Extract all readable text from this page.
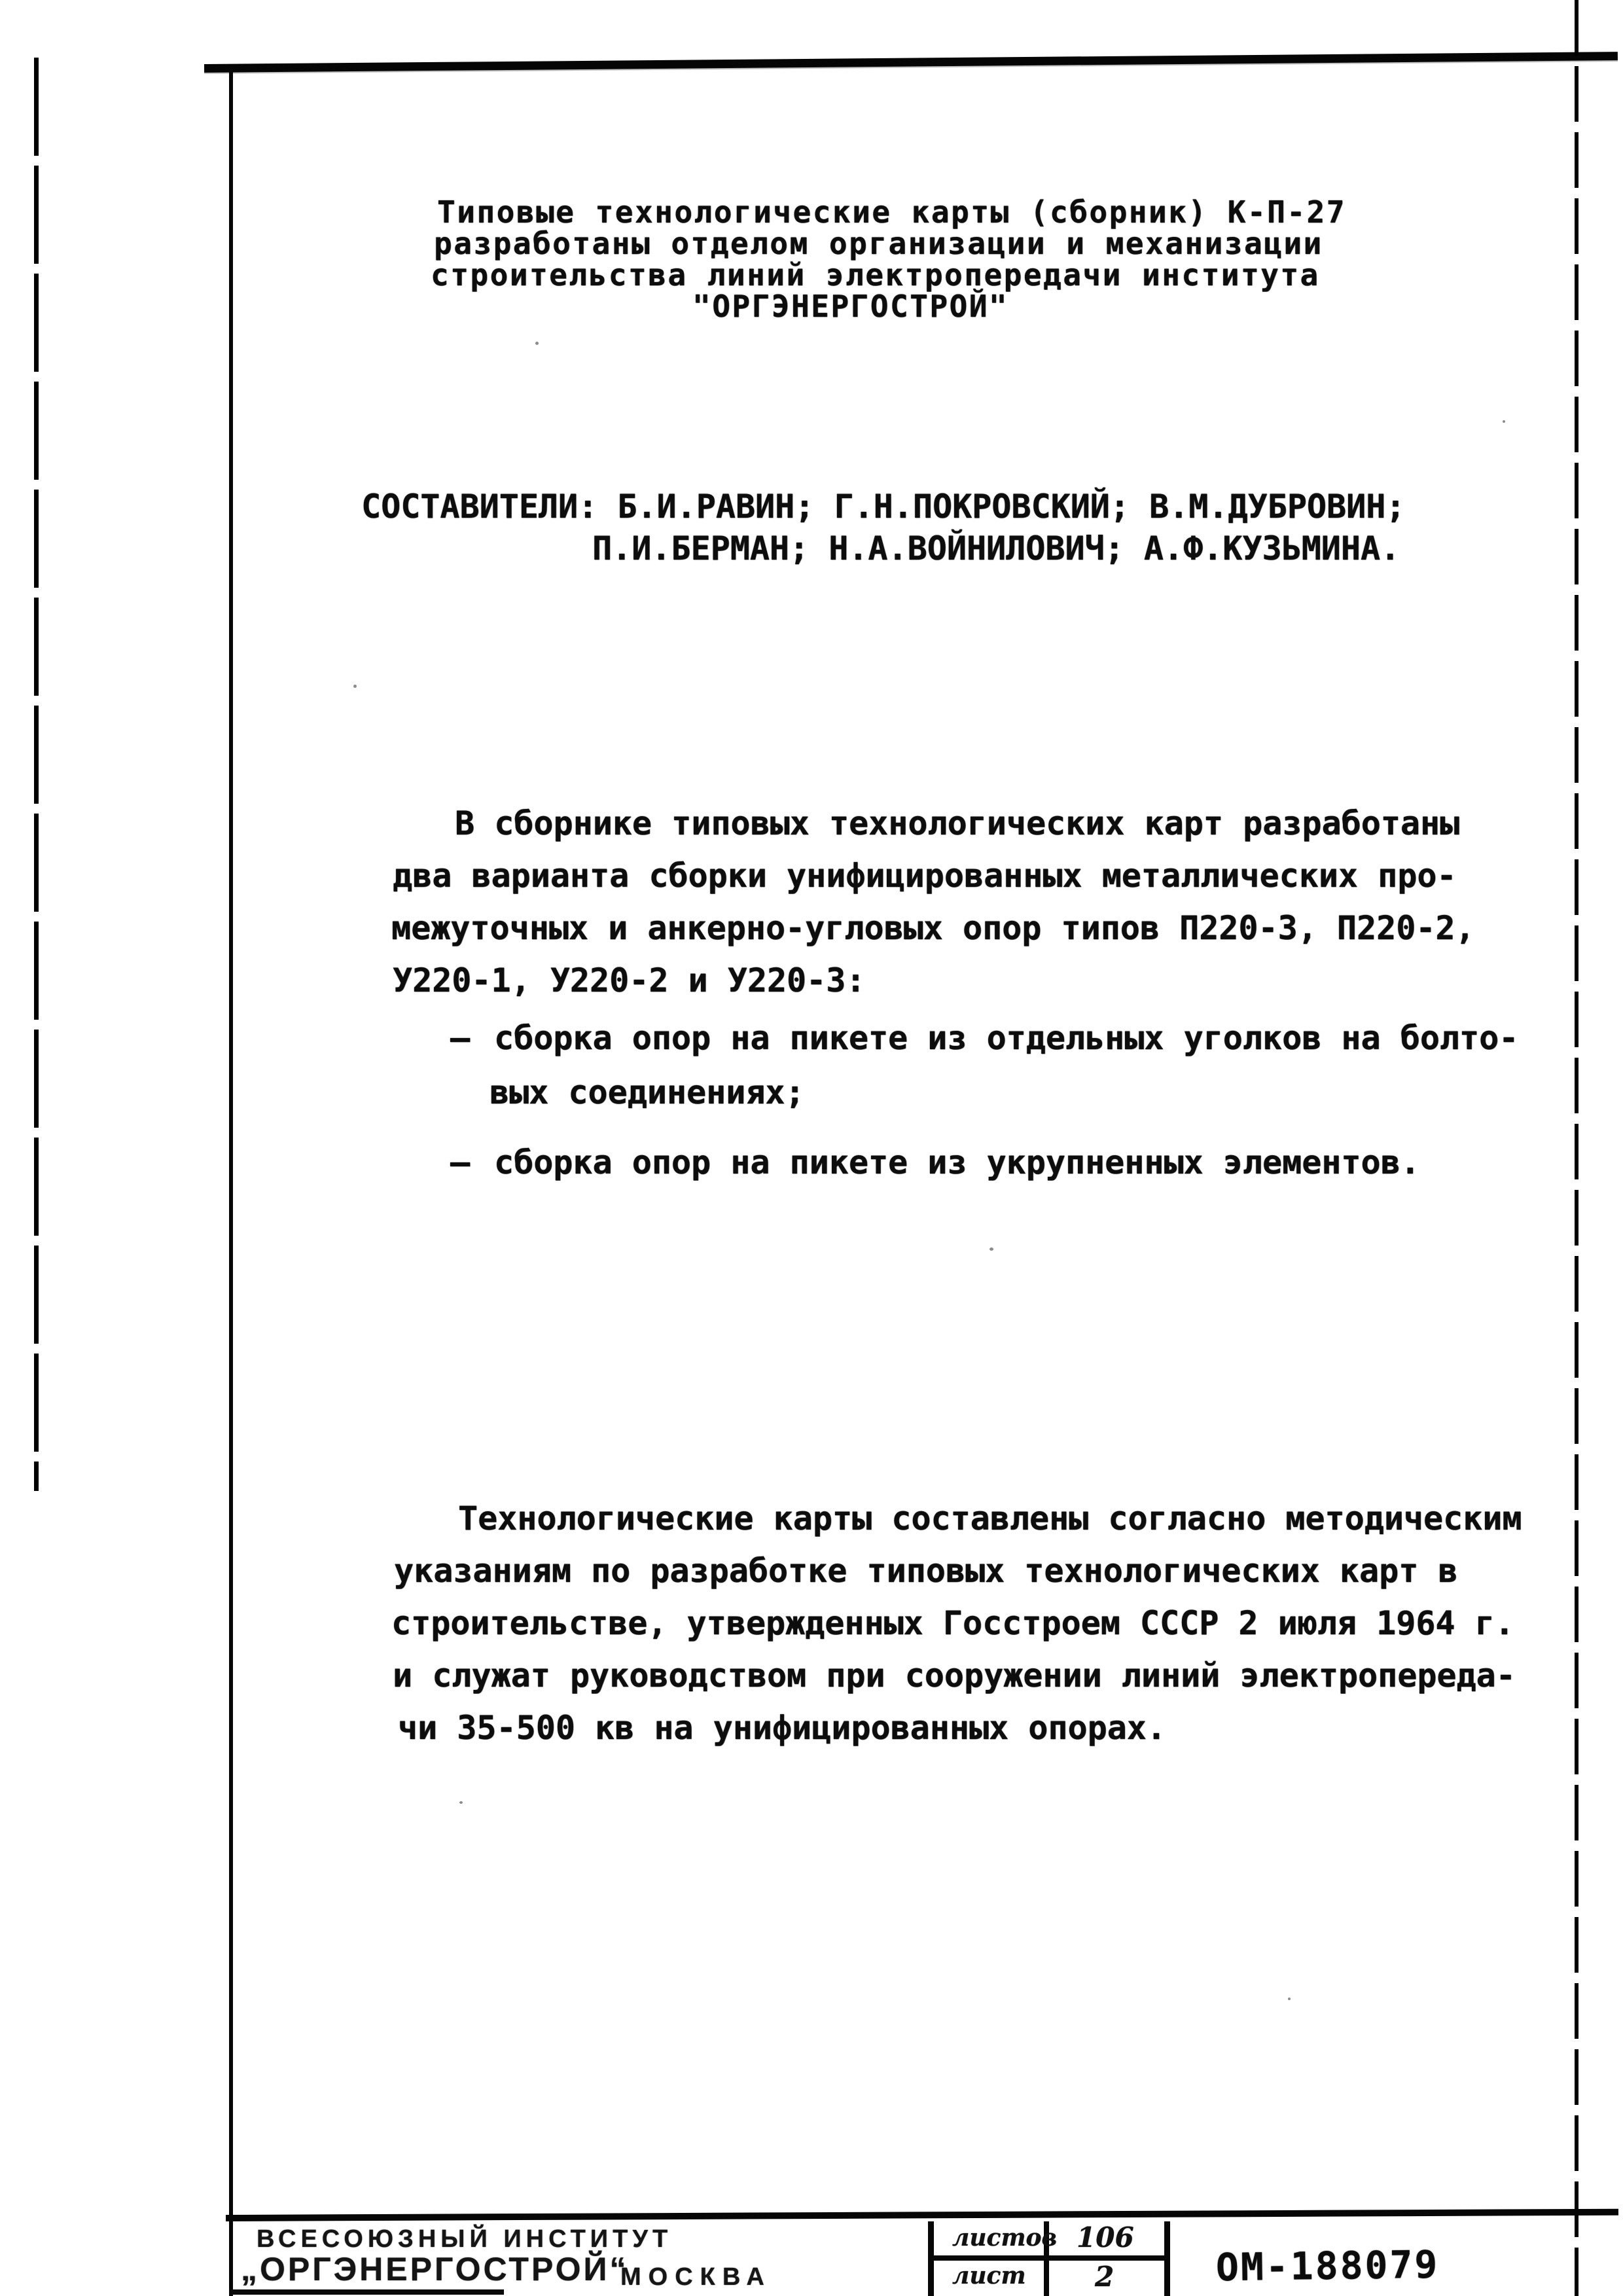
Типовые технологические карты (сборник) К-П-27
разработаны отделом организации и механизации
строительства линий электропередачи института
"ОРГЭНЕРГОСТРОЙ"
СОСТАВИТЕЛИ: Б.И.РАВИН; Г.Н.ПОКРОВСКИЙ; В.М.ДУБРОВИН;
П.И.БЕРМАН; Н.А.ВОЙНИЛОВИЧ; А.Ф.КУЗЬМИНА.
В сборнике типовых технологических карт разработаны
два варианта сборки унифицированных металлических про-
межуточных и анкерно-угловых опор типов П220-3, П220-2,
У220-1, У220-2 и У220-3:
— сборка опор на пикете из отдельных уголков на болто-
вых соединениях;
— сборка опор на пикете из укрупненных элементов.
Технологические карты составлены согласно методическим
указаниям по разработке типовых технологических карт в
строительстве, утвержденных Госстроем СССР 2 июля 1964 г.
и служат руководством при сооружении линий электропереда-
чи 35-500 кв на унифицированных опорах.
ВСЕСОЮЗНЫЙ ИНСТИТУТ
„ОРГЭНЕРГОСТРОЙ“
МОСКВА
листов 106
лист	2	ОМ-188079
